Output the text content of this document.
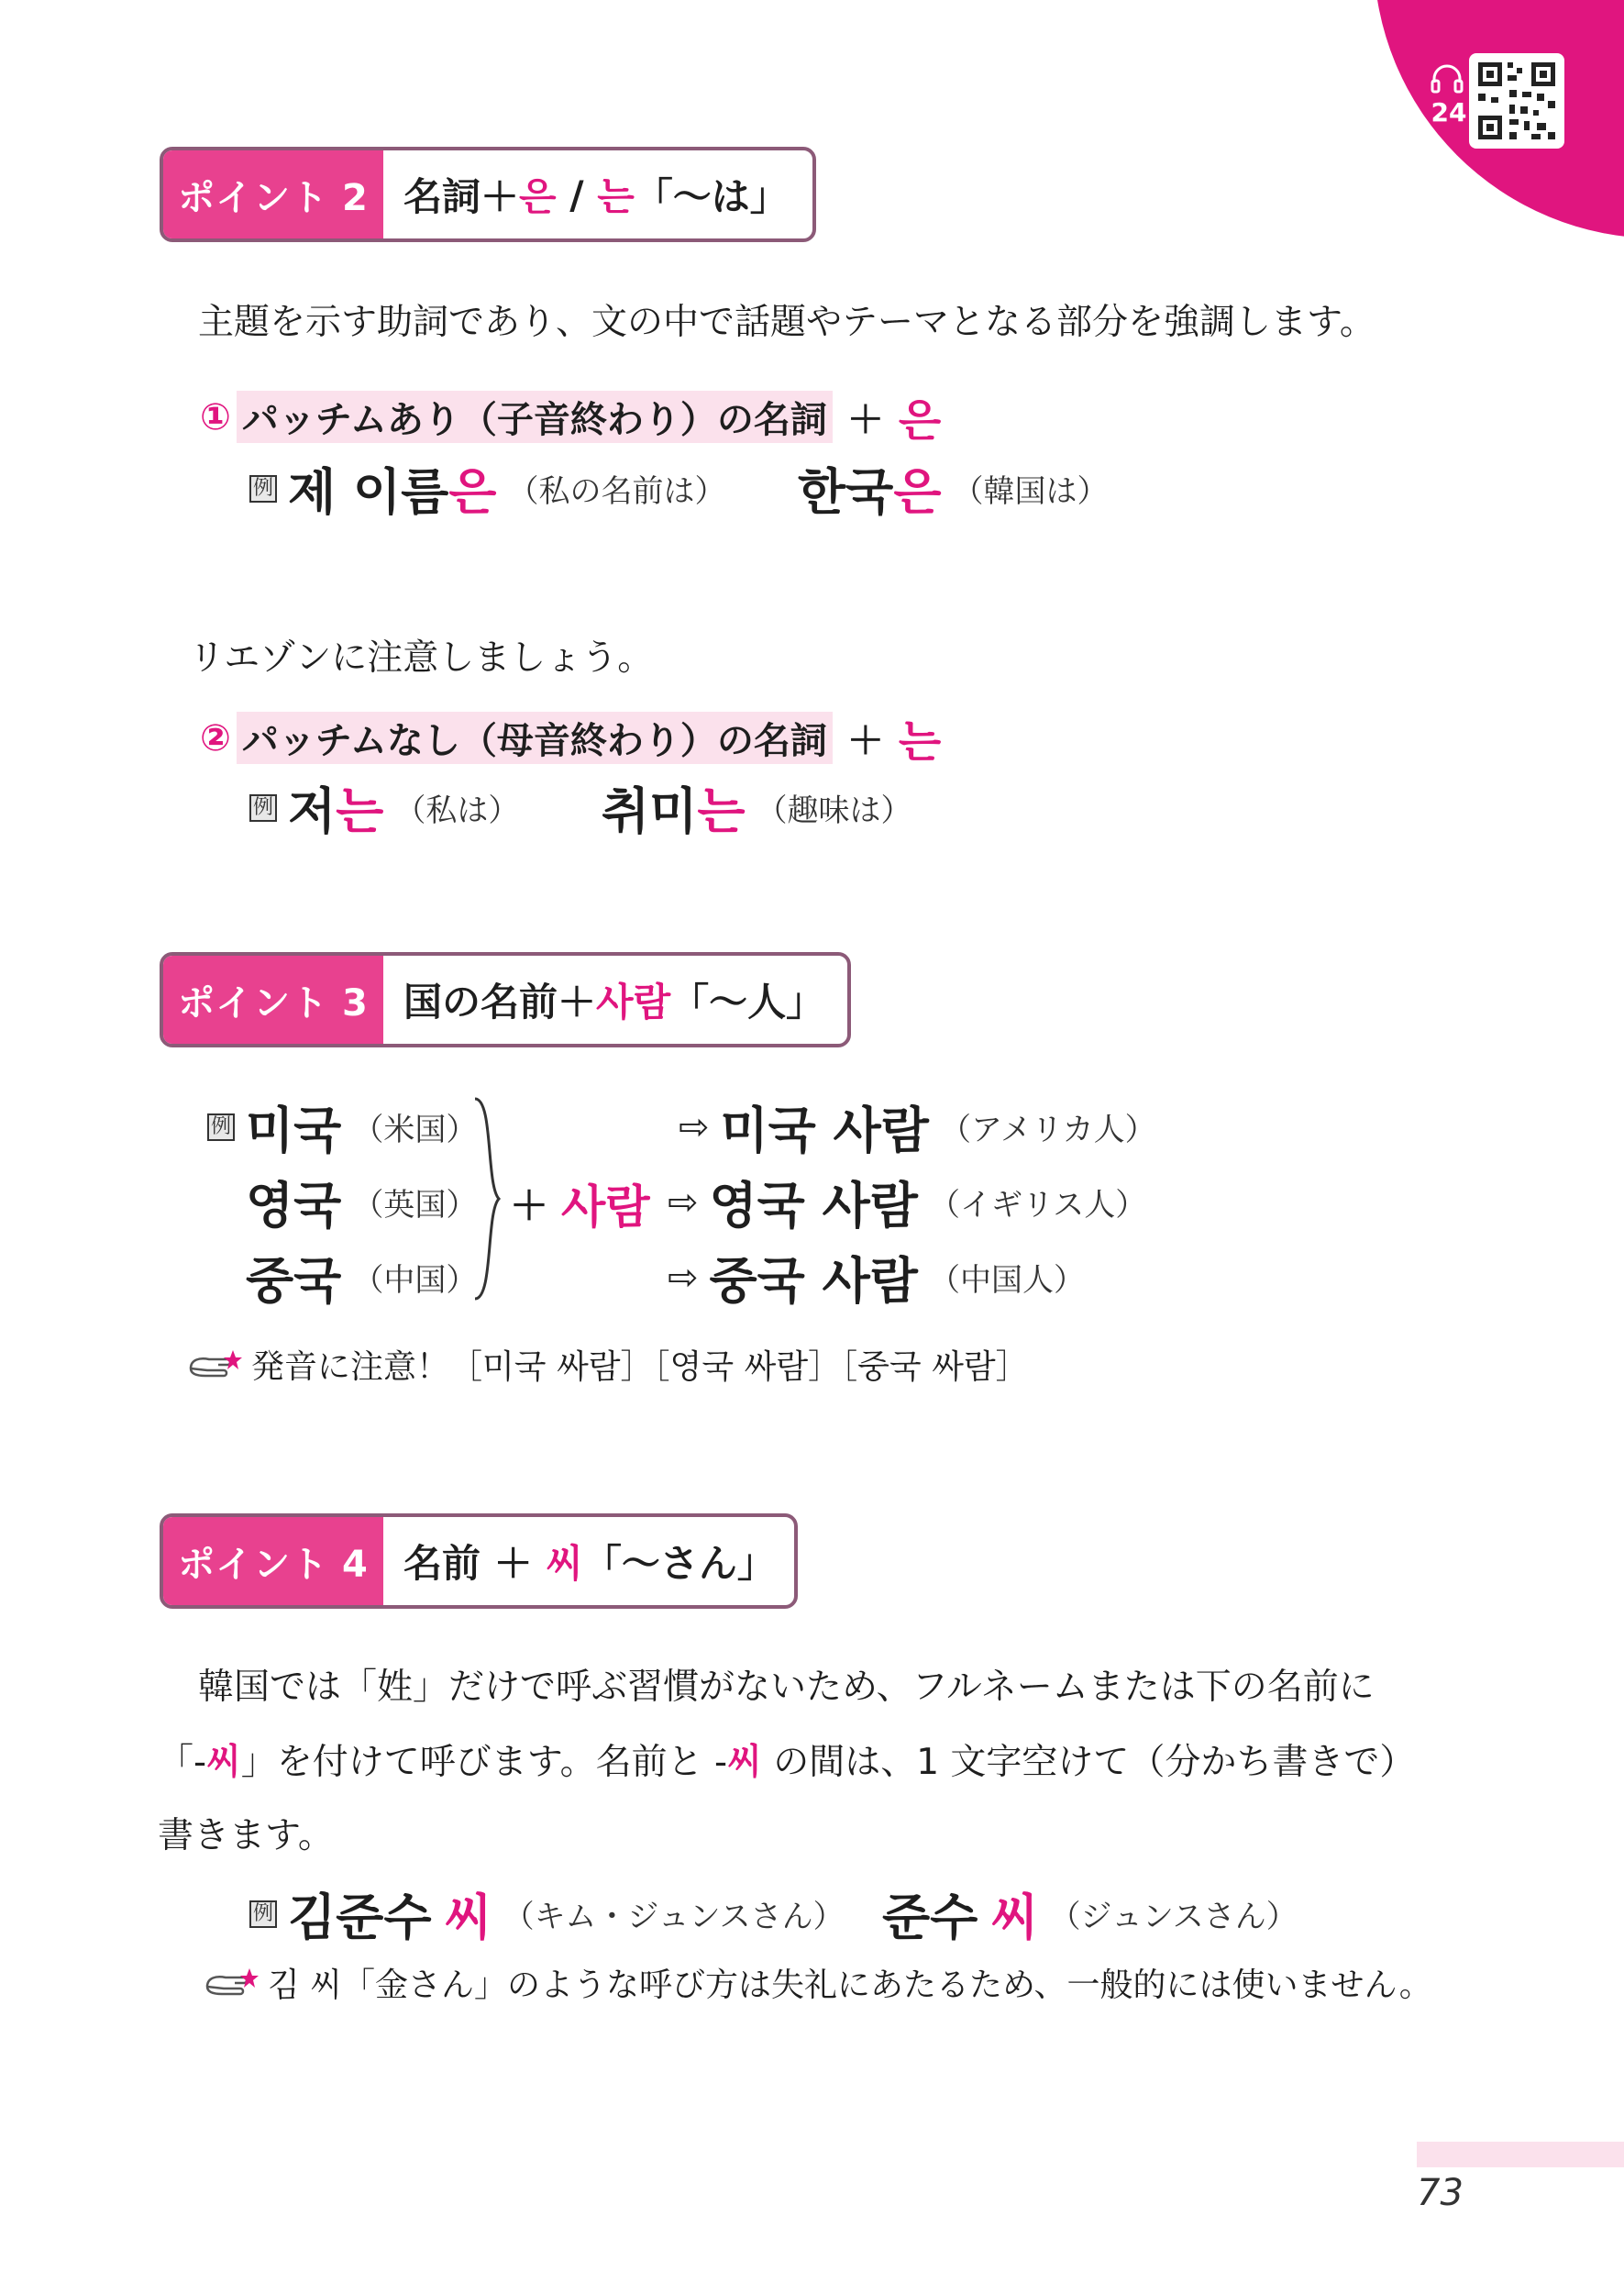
24
ポイント 2 名詞＋ 은 / 는 「～は」
主題を示す助詞であり、文の中で話題やテーマとなる部分を強調します。
① パッチムあり（子音終わり）の名詞 ＋ 은
例 제 이름 은 （私の名前は） 한국 은 （韓国は）
リエゾンに注意しましょう。
② パッチムなし（母音終わり）の名詞 ＋ 는
例 저 는 （私は） 취미 는 （趣味は）
ポイント 3 国の名前＋ 사람 「～人」
例 미국 （米国）
영국 （英国）
중국 （中国）
＋ 사람
⇨ 미국 사람 （アメリカ人）
⇨ 영국 사람 （イギリス人）
⇨ 중국 사람 （中国人）
発音に注意！［미국 싸람］［영국 싸람］［중국 싸람］
ポイント 4 名前 ＋ 씨 「～さん」
韓国では「姓」だけで呼ぶ習慣がないため、フルネームまたは下の名前に
「-씨」を付けて呼びます。名前と -씨 の間は、1 文字空けて（分かち書きで）
書きます。
例 김준수 씨 （キム・ジュンスさん） 준수 씨 （ジュンスさん）
김 씨「金さん」のような呼び方は失礼にあたるため、一般的には使いません。
73
